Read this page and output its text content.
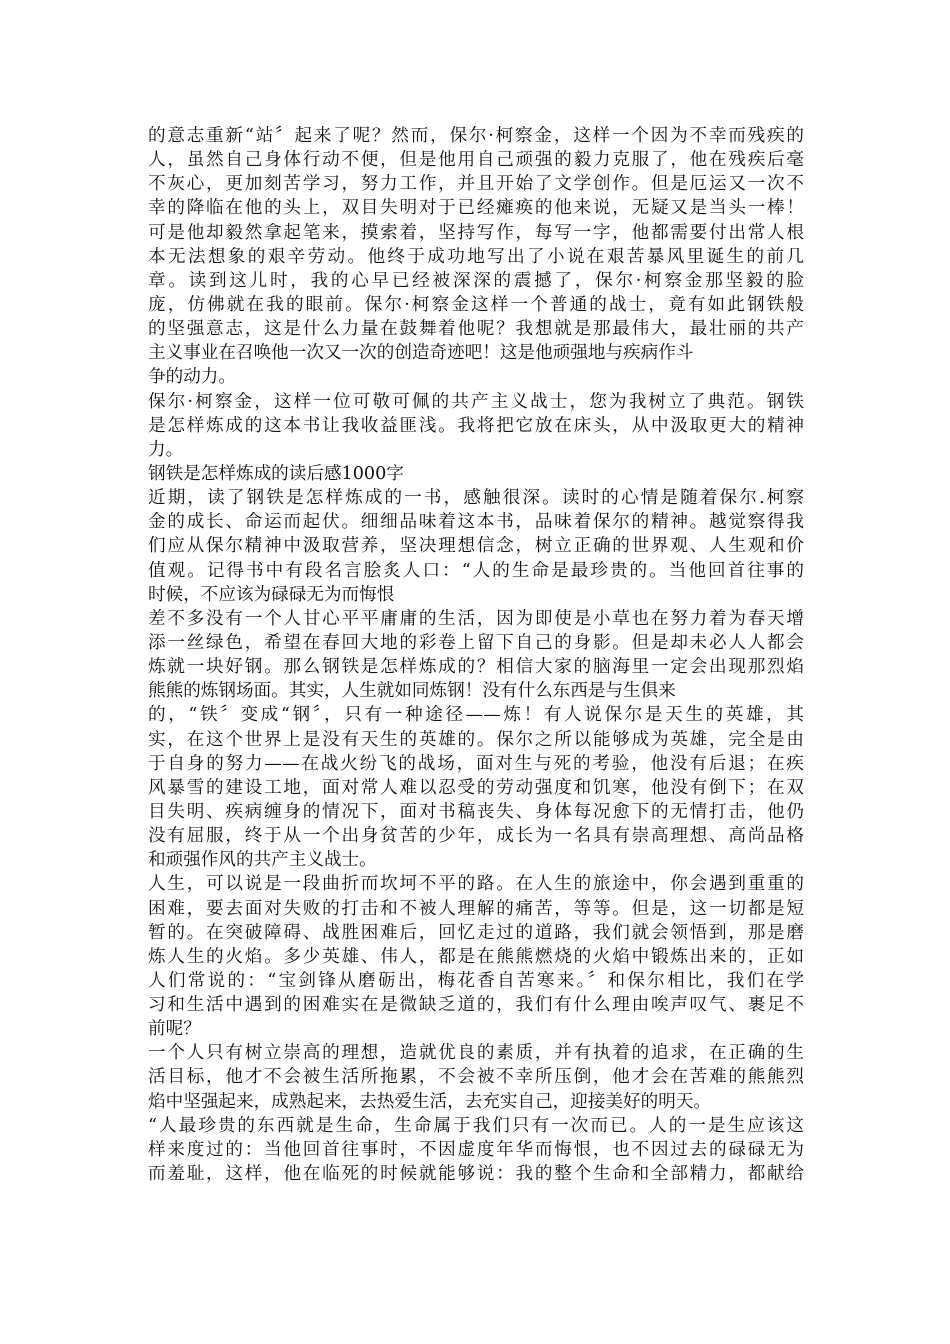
的意志重新“站〞起来了呢？然而，保尔·柯察金，这样一个因为不幸而残疾的
人，虽然自己身体行动不便，但是他用自己顽强的毅力克服了，他在残疾后毫
不灰心，更加刻苦学习，努力工作，并且开始了文学创作。但是厄运又一次不
幸的降临在他的头上，双目失明对于已经瘫痪的他来说，无疑又是当头一棒！
可是他却毅然拿起笔来，摸索着，坚持写作，每写一字，他都需要付出常人根
本无法想象的艰辛劳动。他终于成功地写出了小说在艰苦暴风里诞生的前几
章。读到这儿时，我的心早已经被深深的震撼了，保尔·柯察金那坚毅的脸
庞，仿佛就在我的眼前。保尔·柯察金这样一个普通的战士，竟有如此钢铁般
的坚强意志，这是什么力量在鼓舞着他呢？我想就是那最伟大，最壮丽的共产
主义事业在召唤他一次又一次的创造奇迹吧！这是他顽强地与疾病作斗
争的动力。
保尔·柯察金，这样一位可敬可佩的共产主义战士，您为我树立了典范。钢铁
是怎样炼成的这本书让我收益匪浅。我将把它放在床头，从中汲取更大的精神
力。
钢铁是怎样炼成的读后感1000字
近期，读了钢铁是怎样炼成的一书，感触很深。读时的心情是随着保尔.柯察
金的成长、命运而起伏。细细品味着这本书，品味着保尔的精神。越觉察得我
们应从保尔精神中汲取营养，坚决理想信念，树立正确的世界观、人生观和价
值观。记得书中有段名言脍炙人口：“人的生命是最珍贵的。当他回首往事的
时候，不应该为碌碌无为而悔恨
差不多没有一个人甘心平平庸庸的生活，因为即使是小草也在努力着为春天增
添一丝绿色，希望在春回大地的彩卷上留下自己的身影。但是却未必人人都会
炼就一块好钢。那么钢铁是怎样炼成的？相信大家的脑海里一定会出现那烈焰
熊熊的炼钢场面。其实，人生就如同炼钢！没有什么东西是与生俱来
的，“铁〞变成“钢〞，只有一种途径——炼！有人说保尔是天生的英雄，其
实，在这个世界上是没有天生的英雄的。保尔之所以能够成为英雄，完全是由
于自身的努力——在战火纷飞的战场，面对生与死的考验，他没有后退；在疾
风暴雪的建设工地，面对常人难以忍受的劳动强度和饥寒，他没有倒下；在双
目失明、疾病缠身的情况下，面对书稿丧失、身体每况愈下的无情打击，他仍
没有屈服，终于从一个出身贫苦的少年，成长为一名具有崇高理想、高尚品格
和顽强作风的共产主义战士。
人生，可以说是一段曲折而坎坷不平的路。在人生的旅途中，你会遇到重重的
困难，要去面对失败的打击和不被人理解的痛苦，等等。但是，这一切都是短
暂的。在突破障碍、战胜困难后，回忆走过的道路，我们就会领悟到，那是磨
炼人生的火焰。多少英雄、伟人，都是在熊熊燃烧的火焰中锻炼出来的，正如
人们常说的：“宝剑锋从磨砺出，梅花香自苦寒来。〞和保尔相比，我们在学
习和生活中遇到的困难实在是微缺乏道的，我们有什么理由唉声叹气、裹足不
前呢？
一个人只有树立崇高的理想，造就优良的素质，并有执着的追求，在正确的生
活目标，他才不会被生活所拖累，不会被不幸所压倒，他才会在苦难的熊熊烈
焰中坚强起来，成熟起来，去热爱生活，去充实自己，迎接美好的明天。
“人最珍贵的东西就是生命，生命属于我们只有一次而已。人的一是生应该这
样来度过的：当他回首往事时，不因虚度年华而悔恨，也不因过去的碌碌无为
而羞耻，这样，他在临死的时候就能够说：我的整个生命和全部精力，都献给
